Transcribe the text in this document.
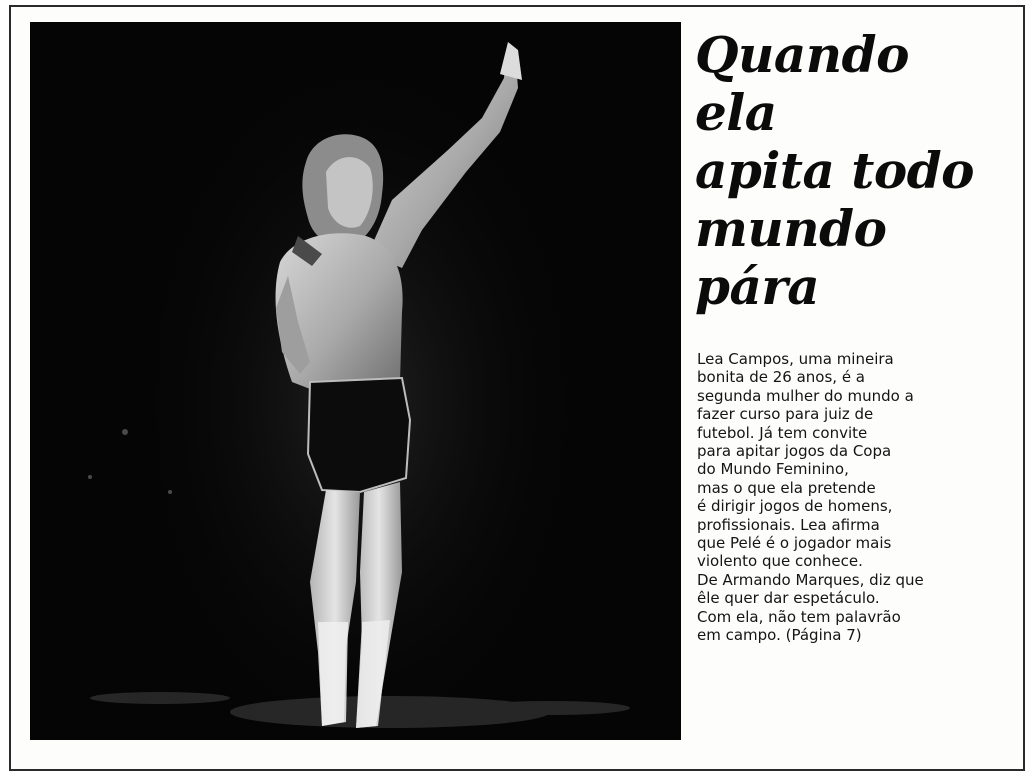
Quando
ela
apita todo
mundo
pára

Lea Campos, uma mineira
bonita de 26 anos, é a
segunda mulher do mundo a
fazer curso para juiz de
futebol. Já tem convite
para apitar jogos da Copa
do Mundo Feminino,
mas o que ela pretende
é dirigir jogos de homens,
profissionais. Lea afirma
que Pelé é o jogador mais
violento que conhece.
De Armando Marques, diz que
êle quer dar espetáculo.
Com ela, não tem palavrão
em campo. (Página 7)
